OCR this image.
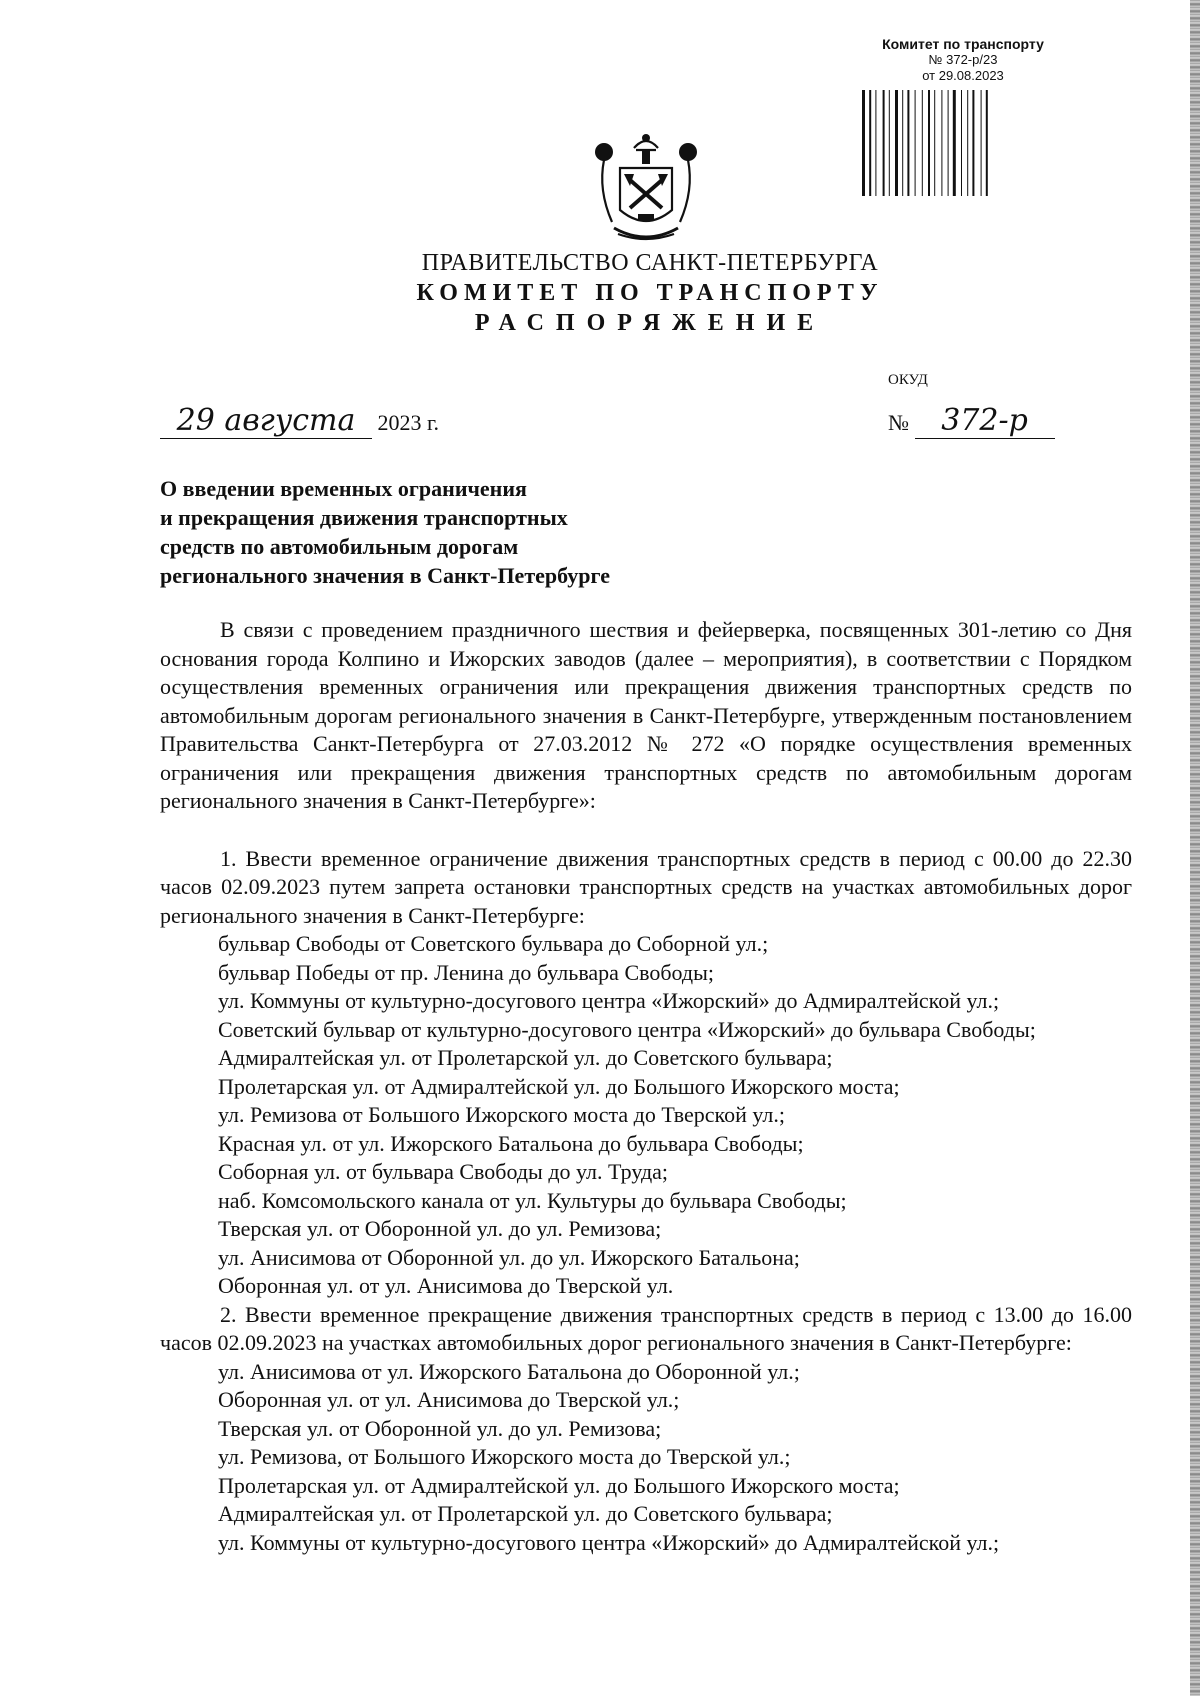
Комитет по транспорту
№ 372-р/23
от 29.08.2023
ПРАВИТЕЛЬСТВО САНКТ-ПЕТЕРБУРГА
КОМИТЕТ ПО ТРАНСПОРТУ
РАСПОРЯЖЕНИЕ
ОКУД
29 августа 2023 г.	№ 372-р
О введении временных ограничения
и прекращения движения транспортных
средств по автомобильным дорогам
регионального значения в Санкт-Петербурге

В связи с проведением праздничного шествия и фейерверка, посвященных 301-летию со Дня основания города Колпино и Ижорских заводов (далее – мероприятия), в соответствии с Порядком осуществления временных ограничения или прекращения движения транспортных средств по автомобильным дорогам регионального значения в Санкт-Петербурге, утвержденным постановлением Правительства Санкт-Петербурга от 27.03.2012 № 272 «О порядке осуществления временных ограничения или прекращения движения транспортных средств по автомобильным дорогам регионального значения в Санкт-Петербурге»:

1. Ввести временное ограничение движения транспортных средств в период с 00.00 до 22.30 часов 02.09.2023 путем запрета остановки транспортных средств на участках автомобильных дорог регионального значения в Санкт-Петербурге:

бульвар Свободы от Советского бульвара до Соборной ул.;

бульвар Победы от пр. Ленина до бульвара Свободы;

ул. Коммуны от культурно-досугового центра «Ижорский» до Адмиралтейской ул.;

Советский бульвар от культурно-досугового центра «Ижорский» до бульвара Свободы;

Адмиралтейская ул. от Пролетарской ул. до Советского бульвара;

Пролетарская ул. от Адмиралтейской ул. до Большого Ижорского моста;

ул. Ремизова от Большого Ижорского моста до Тверской ул.;

Красная ул. от ул. Ижорского Батальона до бульвара Свободы;

Соборная ул. от бульвара Свободы до ул. Труда;

наб. Комсомольского канала от ул. Культуры до бульвара Свободы;

Тверская ул. от Оборонной ул. до ул. Ремизова;

ул. Анисимова от Оборонной ул. до ул. Ижорского Батальона;

Оборонная ул. от ул. Анисимова до Тверской ул.

2. Ввести временное прекращение движения транспортных средств в период с 13.00 до 16.00 часов 02.09.2023 на участках автомобильных дорог регионального значения в Санкт-Петербурге:

ул. Анисимова от ул. Ижорского Батальона до Оборонной ул.;

Оборонная ул. от ул. Анисимова до Тверской ул.;

Тверская ул. от Оборонной ул. до ул. Ремизова;

ул. Ремизова, от Большого Ижорского моста до Тверской ул.;

Пролетарская ул. от Адмиралтейской ул. до Большого Ижорского моста;

Адмиралтейская ул. от Пролетарской ул. до Советского бульвара;

ул. Коммуны от культурно-досугового центра «Ижорский» до Адмиралтейской ул.;
